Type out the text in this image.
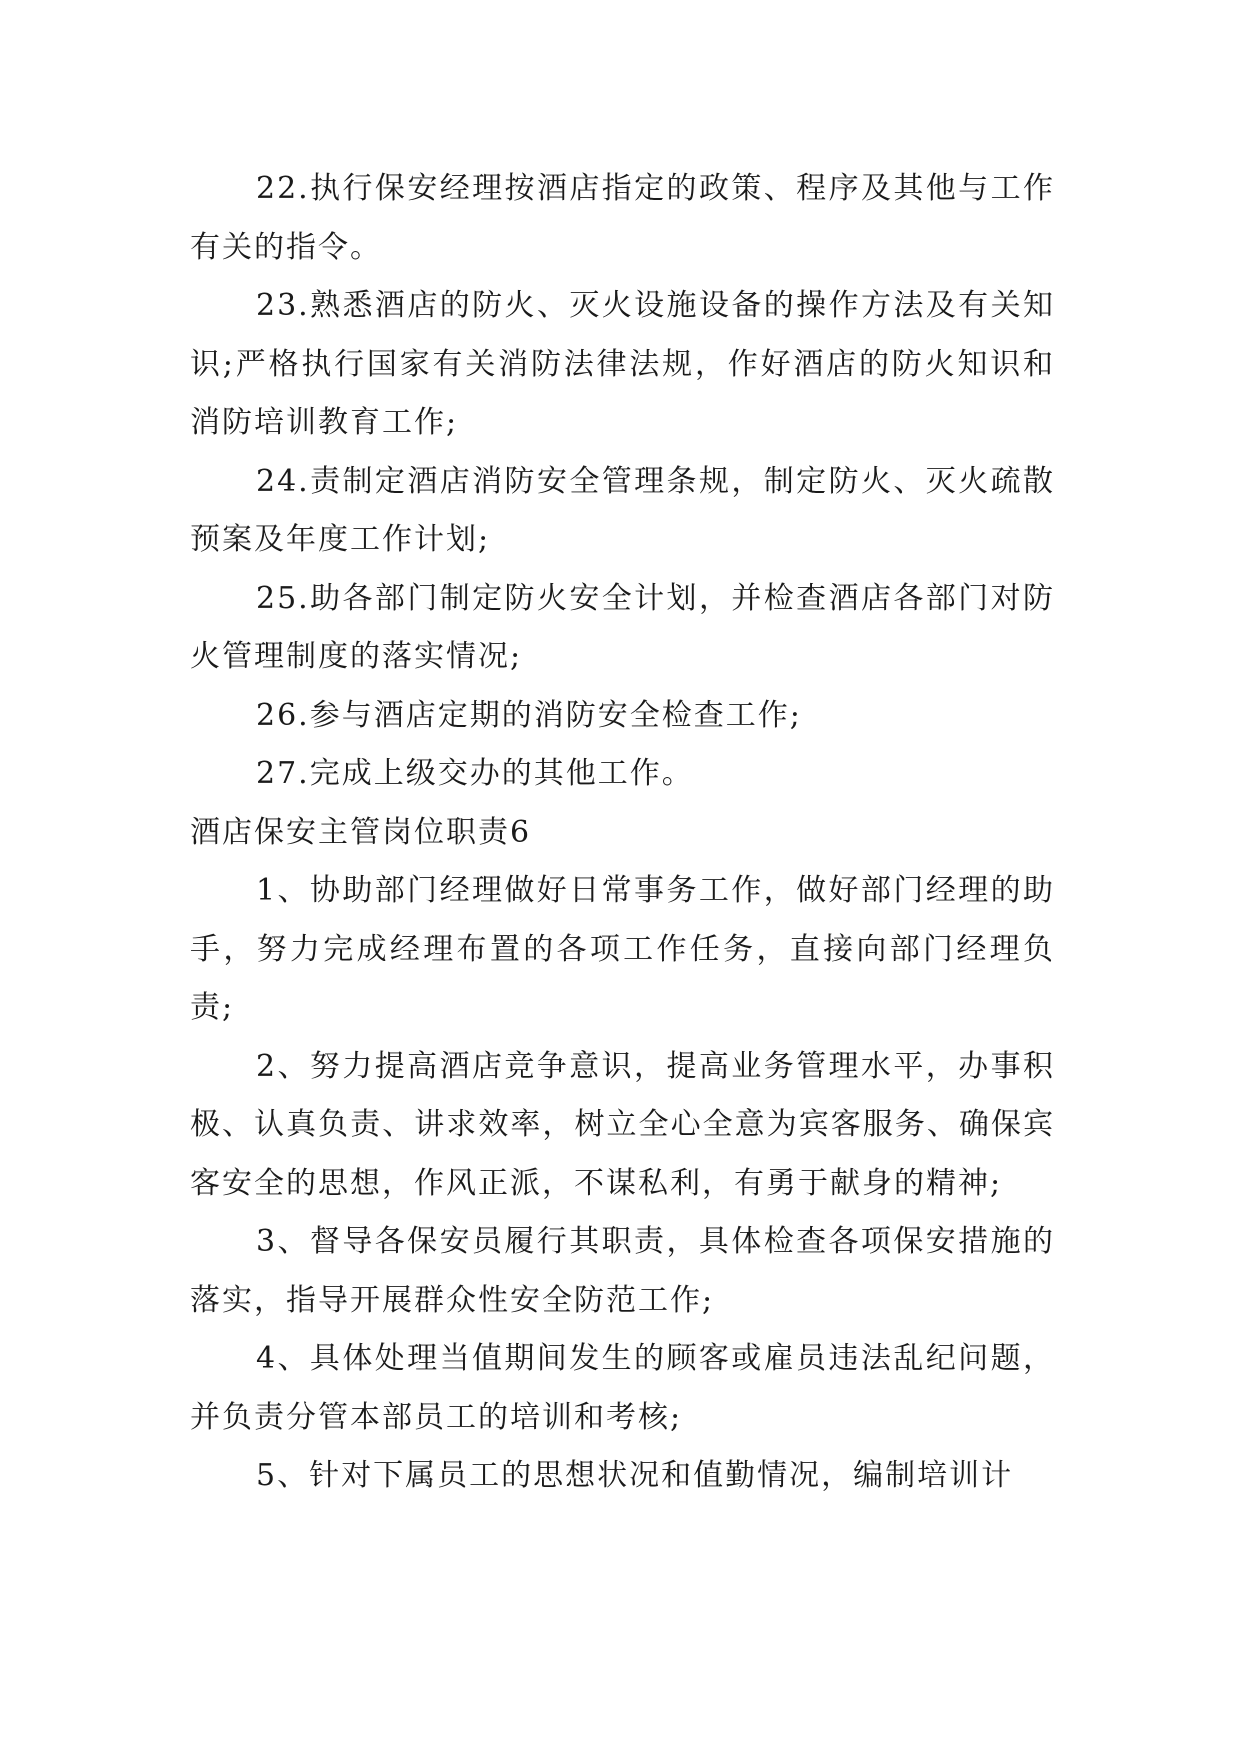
22.执行保安经理按酒店指定的政策、程序及其他与工作有关的指令。

23.熟悉酒店的防火、灭火设施设备的操作方法及有关知识;严格执行国家有关消防法律法规，作好酒店的防火知识和消防培训教育工作;

24.责制定酒店消防安全管理条规，制定防火、灭火疏散预案及年度工作计划;

25.助各部门制定防火安全计划，并检查酒店各部门对防火管理制度的落实情况;

26.参与酒店定期的消防安全检查工作;

27.完成上级交办的其他工作。

酒店保安主管岗位职责6

1、协助部门经理做好日常事务工作，做好部门经理的助手，努力完成经理布置的各项工作任务，直接向部门经理负责;

2、努力提高酒店竞争意识，提高业务管理水平，办事积极、认真负责、讲求效率，树立全心全意为宾客服务、确保宾客安全的思想，作风正派，不谋私利，有勇于献身的精神;

3、督导各保安员履行其职责，具体检查各项保安措施的落实，指导开展群众性安全防范工作;

4、具体处理当值期间发生的顾客或雇员违法乱纪问题，并负责分管本部员工的培训和考核;

5、针对下属员工的思想状况和值勤情况，编制培训计
